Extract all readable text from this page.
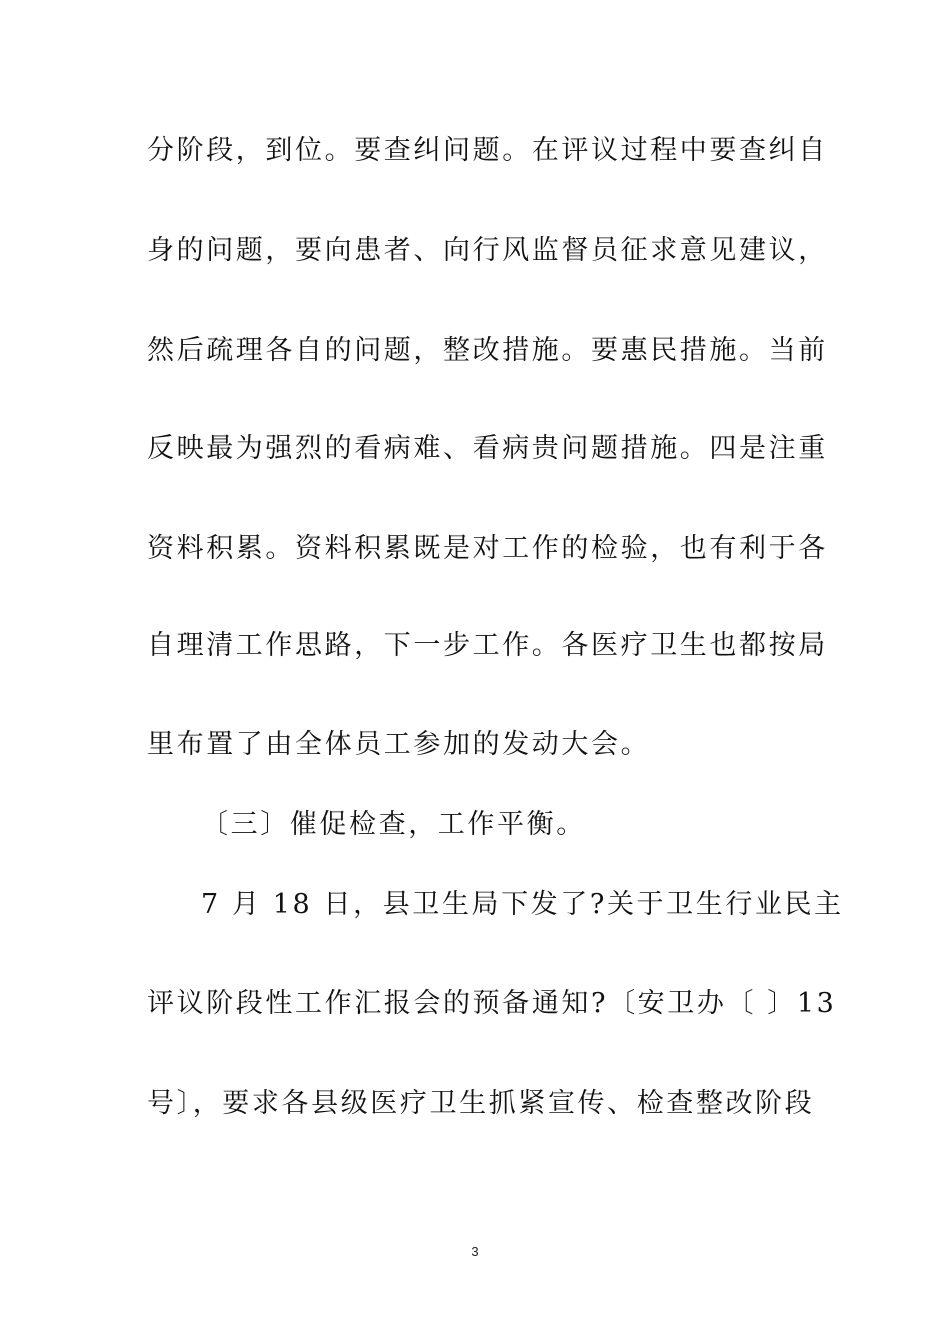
分阶段，到位。要查纠问题。在评议过程中要查纠自
身的问题，要向患者、向行风监督员征求意见建议，
然后疏理各自的问题，整改措施。要惠民措施。当前
反映最为强烈的看病难、看病贵问题措施。四是注重
资料积累。资料积累既是对工作的检验，也有利于各
自理清工作思路，下一步工作。各医疗卫生也都按局
里布置了由全体员工参加的发动大会。
〔三〕催促检查，工作平衡。
7 月 18 日，县卫生局下发了?关于卫生行业民主
评议阶段性工作汇报会的预备通知?〔安卫办〔 〕13
号〕，要求各县级医疗卫生抓紧宣传、检查整改阶段
3
